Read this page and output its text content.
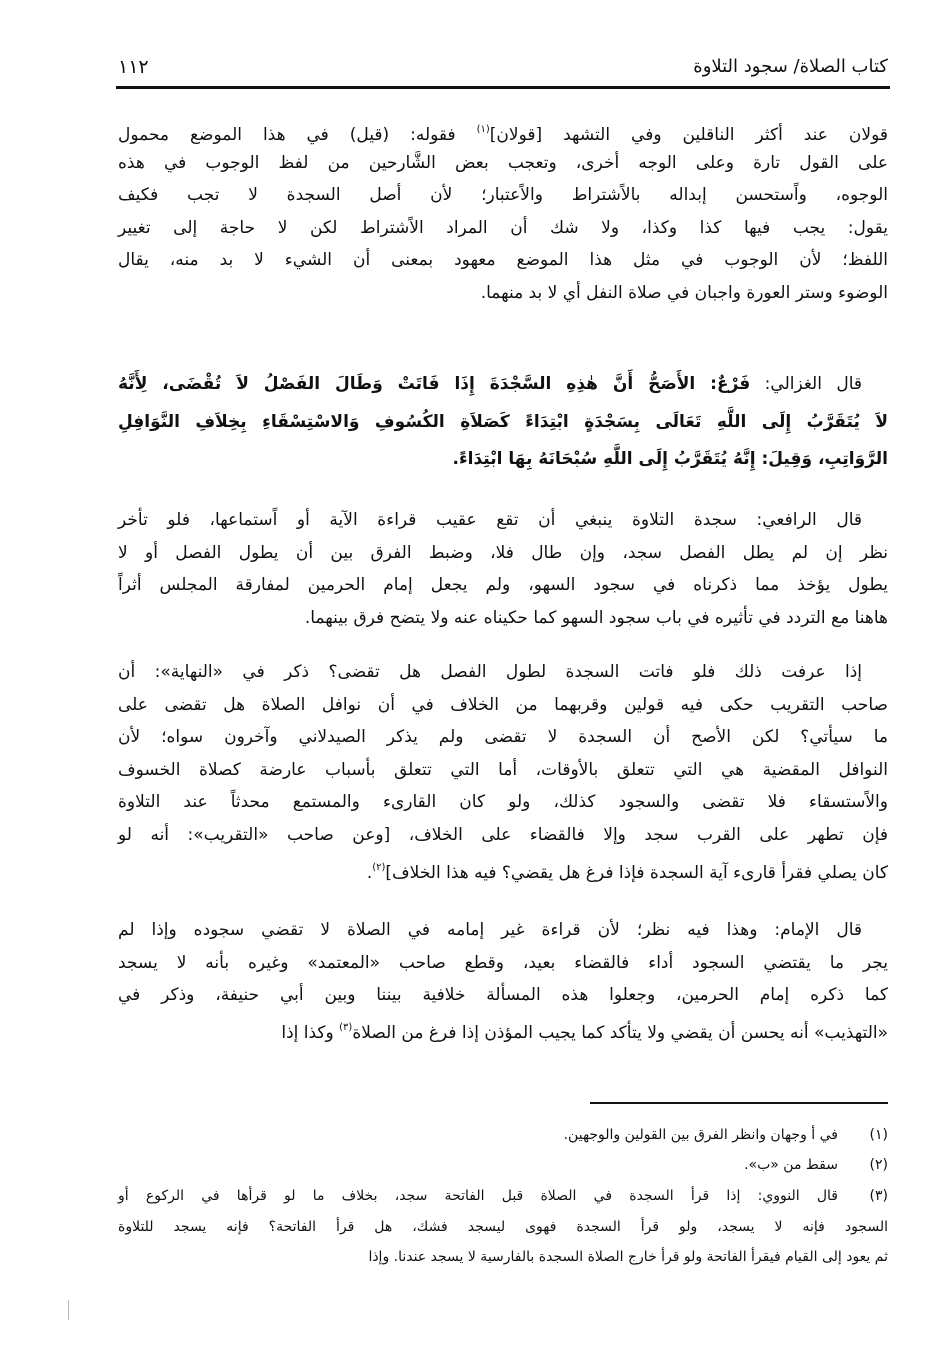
كتاب الصلاة/ سجود التلاوة
١١٢
قولان عند أكثر الناقلين وفي التشهد [قولان]$^{(١)}$ فقوله: (قيل) في هذا الموضع محمول
على القول تارة وعلى الوجه أخرى، وتعجب بعض الشَّارحين من لفظ الوجوب في هذه
الوجوه، واًستحسن إبداله بالاًشتراط والاًعتبار؛ لأن أصل السجدة لا تجب فكيف
يقول: يجب فيها كذا وكذا، ولا شك أن المراد الاًشتراط لكن لا حاجة إلى تغيير
اللفظ؛ لأن الوجوب في مثل هذا الموضع معهود بمعنى أن الشيء لا بد منه، يقال
الوضوء وستر العورة واجبان في صلاة النفل أي لا بد منهما.
قال الغزالي: فَرْعٌ: الأَصَحُّ أَنَّ هٰذِهِ السَّجْدَةَ إِذَا فَاتَتْ وَطَالَ الفَصْلُ لاَ تُقْضَى، لِأَنَّهُ
لاَ يُتَقَرَّبُ إِلَى اللَّهِ تَعَالَى بِسَجْدَةٍ ابْتِدَاءً كَصَلاَةِ الكُسُوفِ وَالاسْتِسْقَاءِ بِخِلاَفِ النَّوَافِلِ
الرَّوَاتِبِ، وَقِيلَ: إِنَّهُ يُتَقَرَّبُ إِلَى اللَّهِ سُبْحَانَهُ بِهَا ابْتِدَاءً.
قال الرافعي: سجدة التلاوة ينبغي أن تقع عقيب قراءة الآية أو اًستماعها، فلو تأخر
نظر إن لم يطل الفصل سجد، وإن طال فلا، وضبط الفرق بين أن يطول الفصل أو لا
يطول يؤخذ مما ذكرناه في سجود السهو، ولم يجعل إمام الحرمين لمفارقة المجلس أثراً
هاهنا مع التردد في تأثيره في باب سجود السهو كما حكيناه عنه ولا يتضح فرق بينهما.
إذا عرفت ذلك فلو فاتت السجدة لطول الفصل هل تقضى؟ ذكر في «النهاية»: أن
صاحب التقريب حكى فيه قولين وقربهما من الخلاف في أن نوافل الصلاة هل تقضى على
ما سيأتي؟ لكن الأصح أن السجدة لا تقضى ولم يذكر الصيدلاني وآخرون سواه؛ لأن
النوافل المقضية هي التي تتعلق بالأوقات، أما التي تتعلق بأسباب عارضة كصلاة الخسوف
والاًستسقاء فلا تقضى والسجود كذلك، ولو كان القارىء والمستمع محدثاً عند التلاوة
فإن تطهر على القرب سجد وإلا فالقضاء على الخلاف، [وعن صاحب «التقريب»: أنه لو
كان يصلي فقرأ قارىء آية السجدة فإذا فرغ هل يقضي؟ فيه هذا الخلاف]$^{(٢)}$.
قال الإمام: وهذا فيه نظر؛ لأن قراءة غير إمامه في الصلاة لا تقضي سجوده وإذا لم
يجر ما يقتضي السجود أداء فالقضاء بعيد، وقطع صاحب «المعتمد» وغيره بأنه لا يسجد
كما ذكره إمام الحرمين، وجعلوا هذه المسألة خلافية بيننا وبين أبي حنيفة، وذكر في
«التهذيب» أنه يحسن أن يقضي ولا يتأكد كما يجيب المؤذن إذا فرغ من الصلاة$^{(٣)}$ وكذا إذا
(١)
في أ وجهان وانظر الفرق بين القولين والوجهين.
(٢)
سقط من «ب».
(٣)
قال النووي: إذا قرأ السجدة في الصلاة قبل الفاتحة سجد، بخلاف ما لو قرأها في الركوع أو
السجود فإنه لا يسجد، ولو قرأ السجدة فهوى ليسجد فشك، هل قرأ الفاتحة؟ فإنه يسجد للتلاوة
ثم يعود إلى القيام فيقرأ الفاتحة ولو قرأ خارج الصلاة السجدة بالفارسية لا يسجد عندنا. وإذا
